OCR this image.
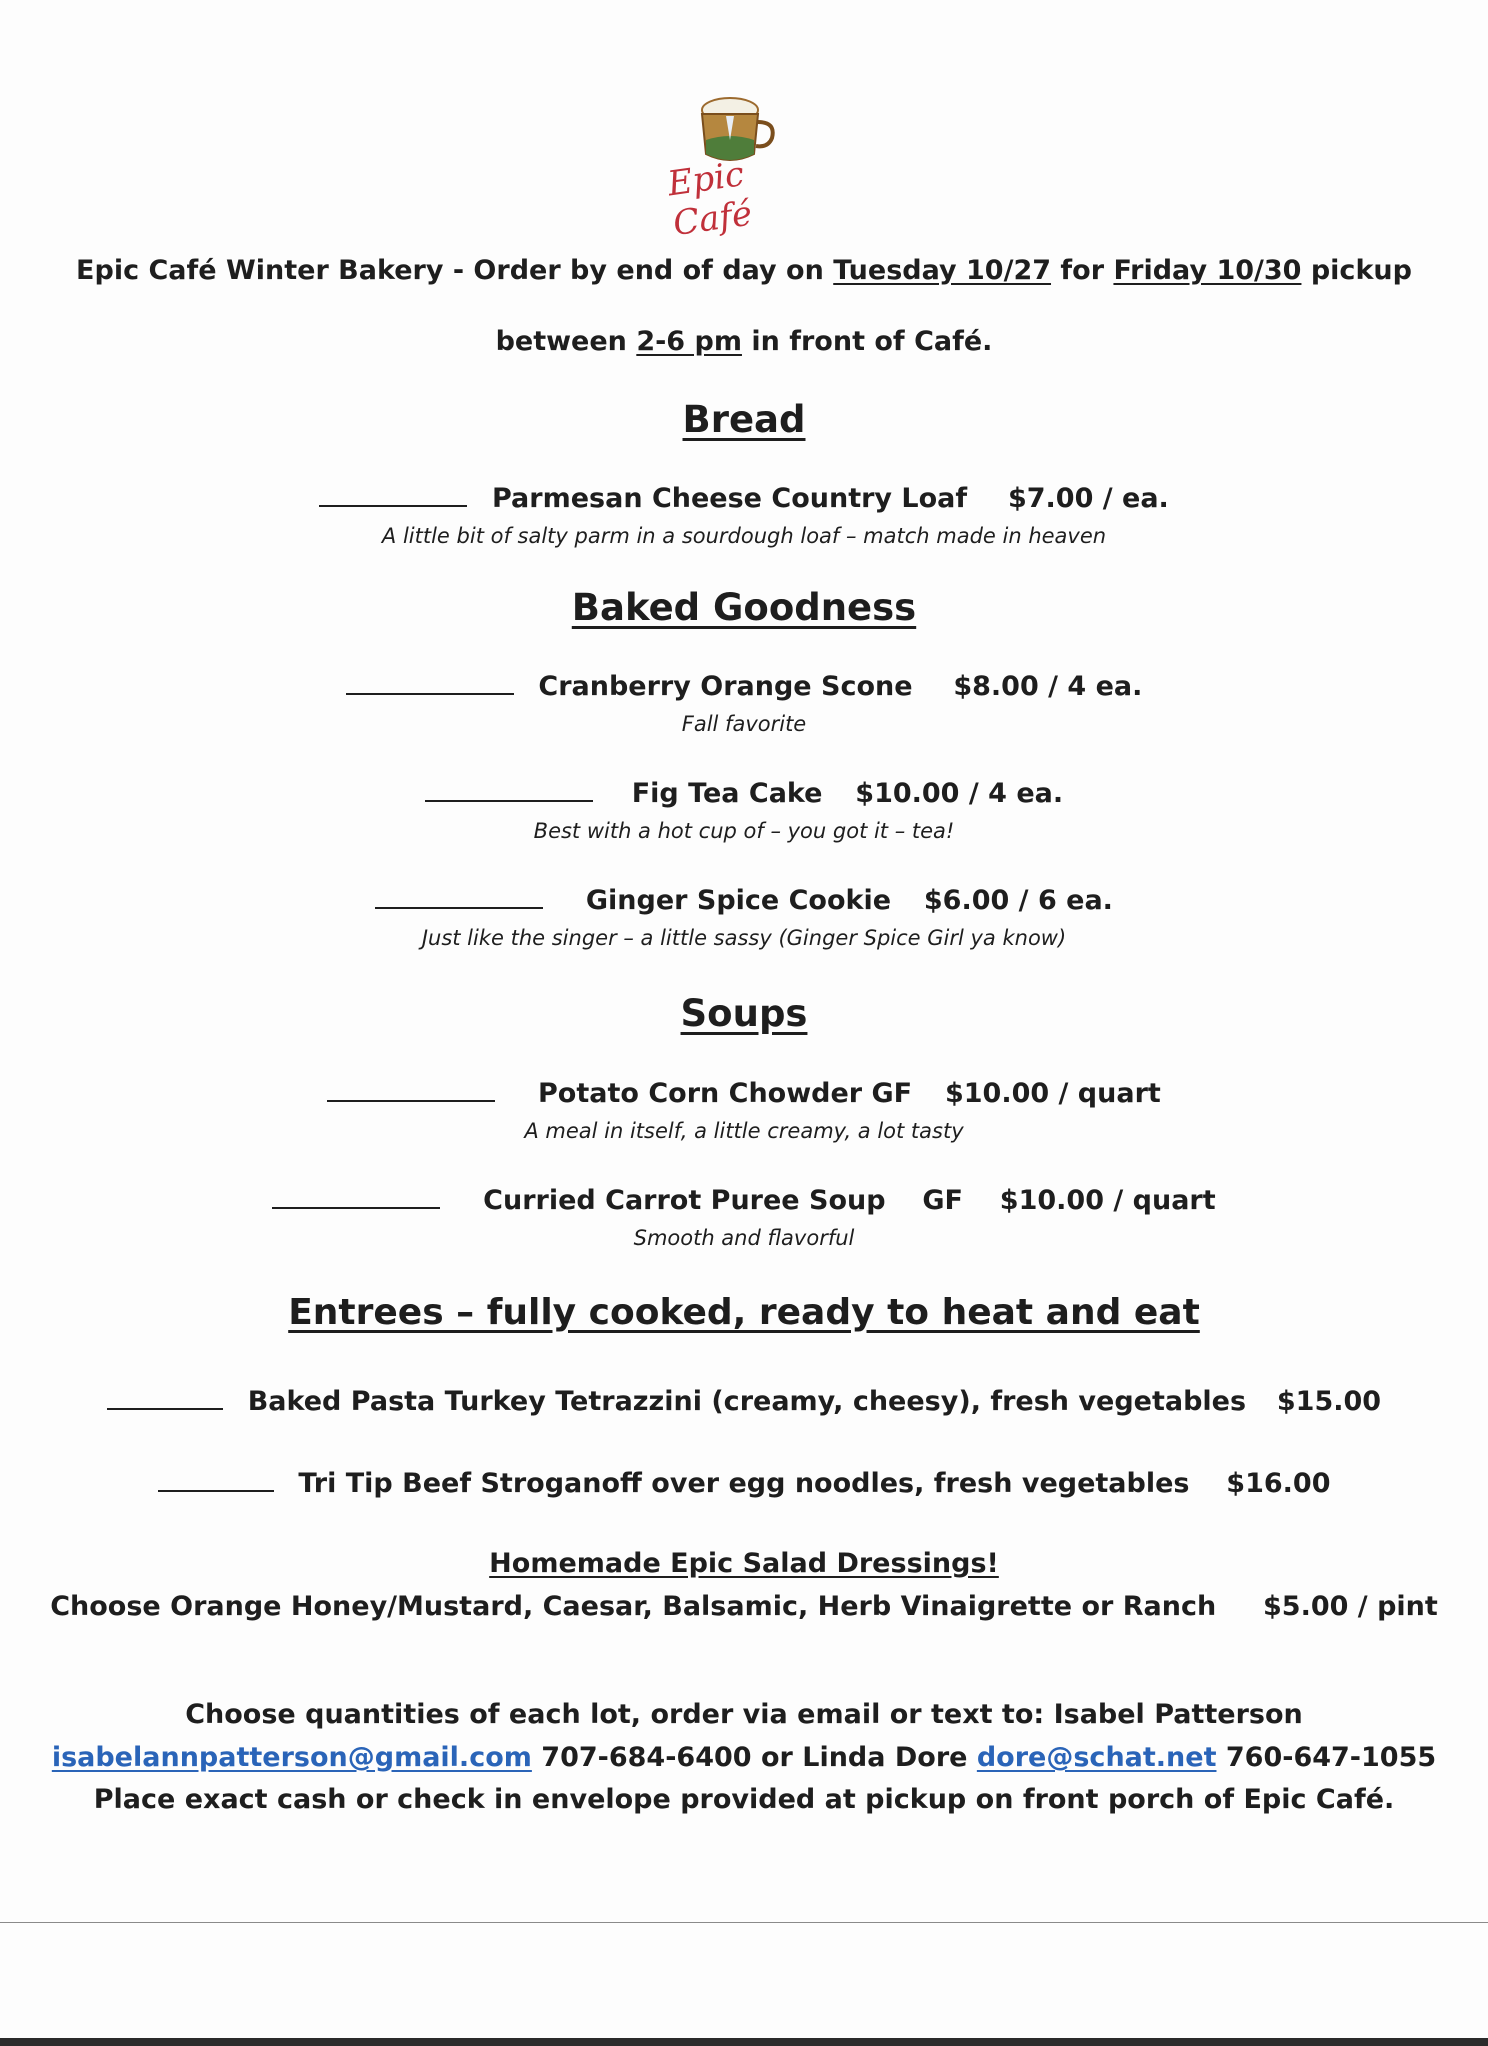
Epic Café
Epic Café Winter Bakery - Order by end of day on Tuesday 10/27 for Friday 10/30 pickup
between 2-6 pm in front of Café.
Bread
Parmesan Cheese Country Loaf $7.00 / ea.
A little bit of salty parm in a sourdough loaf – match made in heaven
Baked Goodness
Cranberry Orange Scone $8.00 / 4 ea.
Fall favorite
Fig Tea Cake $10.00 / 4 ea.
Best with a hot cup of – you got it – tea!
Ginger Spice Cookie $6.00 / 6 ea.
Just like the singer – a little sassy (Ginger Spice Girl ya know)
Soups
Potato Corn Chowder GF $10.00 / quart
A meal in itself, a little creamy, a lot tasty
Curried Carrot Puree Soup GF $10.00 / quart
Smooth and flavorful
Entrees – fully cooked, ready to heat and eat
Baked Pasta Turkey Tetrazzini (creamy, cheesy), fresh vegetables $15.00
Tri Tip Beef Stroganoff over egg noodles, fresh vegetables $16.00
Homemade Epic Salad Dressings!
Choose Orange Honey/Mustard, Caesar, Balsamic, Herb Vinaigrette or Ranch $5.00 / pint
Choose quantities of each lot, order via email or text to: Isabel Patterson
isabelannpatterson@gmail.com 707-684-6400 or Linda Dore dore@schat.net 760-647-1055
Place exact cash or check in envelope provided at pickup on front porch of Epic Café.
